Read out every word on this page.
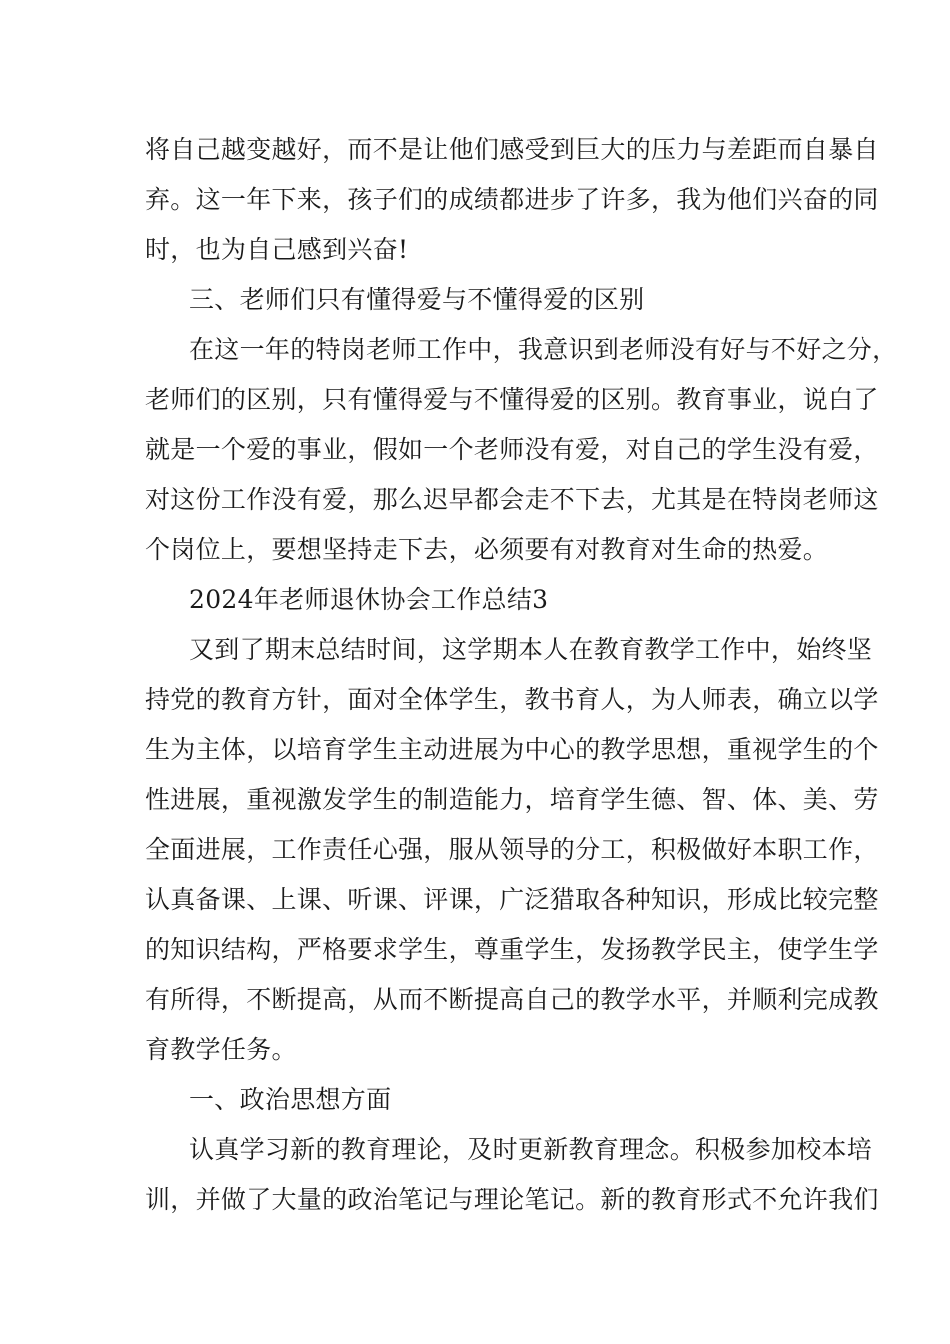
将自己越变越好，而不是让他们感受到巨大的压力与差距而自暴自
弃。这一年下来，孩子们的成绩都进步了许多，我为他们兴奋的同
时，也为自己感到兴奋!
三、老师们只有懂得爱与不懂得爱的区别
在这一年的特岗老师工作中，我意识到老师没有好与不好之分，
老师们的区别，只有懂得爱与不懂得爱的区别。教育事业，说白了
就是一个爱的事业，假如一个老师没有爱，对自己的学生没有爱，
对这份工作没有爱，那么迟早都会走不下去，尤其是在特岗老师这
个岗位上，要想坚持走下去，必须要有对教育对生命的热爱。
2024年老师退休协会工作总结3
又到了期末总结时间，这学期本人在教育教学工作中，始终坚
持党的教育方针，面对全体学生，教书育人，为人师表，确立以学
生为主体，以培育学生主动进展为中心的教学思想，重视学生的个
性进展，重视激发学生的制造能力，培育学生德、智、体、美、劳
全面进展，工作责任心强，服从领导的分工，积极做好本职工作，
认真备课、上课、听课、评课，广泛猎取各种知识，形成比较完整
的知识结构，严格要求学生，尊重学生，发扬教学民主，使学生学
有所得，不断提高，从而不断提高自己的教学水平，并顺利完成教
育教学任务。
一、政治思想方面
认真学习新的教育理论，及时更新教育理念。积极参加校本培
训，并做了大量的政治笔记与理论笔记。新的教育形式不允许我们
